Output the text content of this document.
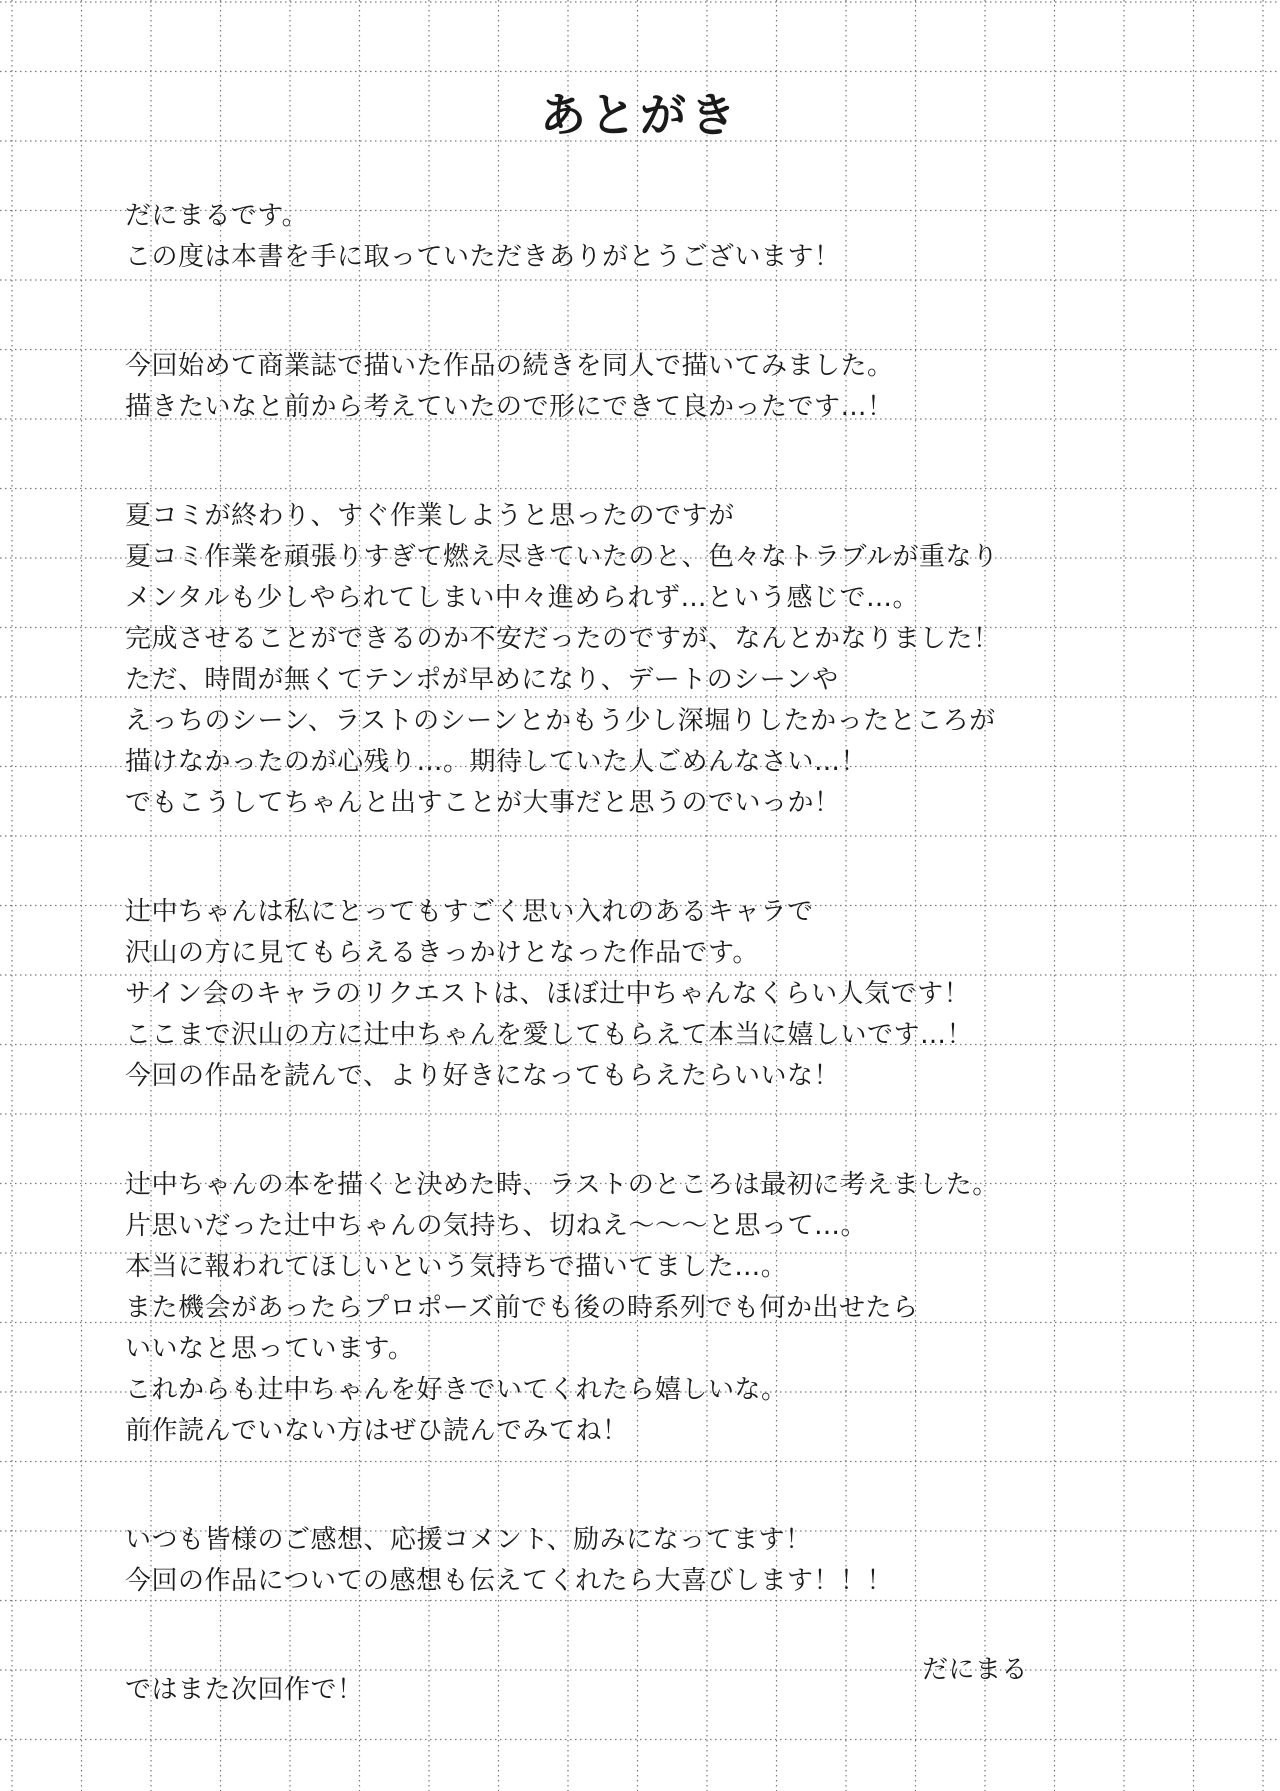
あとがき
だにまるです。
この度は本書を手に取っていただきありがとうございます！
今回始めて商業誌で描いた作品の続きを同人で描いてみました。
描きたいなと前から考えていたので形にできて良かったです…！
夏コミが終わり、すぐ作業しようと思ったのですが
夏コミ作業を頑張りすぎて燃え尽きていたのと、色々なトラブルが重なり
メンタルも少しやられてしまい中々進められず…という感じで…。
完成させることができるのか不安だったのですが、なんとかなりました！
ただ、時間が無くてテンポが早めになり、デートのシーンや
えっちのシーン、ラストのシーンとかもう少し深堀りしたかったところが
描けなかったのが心残り…。期待していた人ごめんなさい…！
でもこうしてちゃんと出すことが大事だと思うのでいっか！
辻中ちゃんは私にとってもすごく思い入れのあるキャラで
沢山の方に見てもらえるきっかけとなった作品です。
サイン会のキャラのリクエストは、ほぼ辻中ちゃんなくらい人気です！
ここまで沢山の方に辻中ちゃんを愛してもらえて本当に嬉しいです…！
今回の作品を読んで、より好きになってもらえたらいいな！
辻中ちゃんの本を描くと決めた時、ラストのところは最初に考えました。
片思いだった辻中ちゃんの気持ち、切ねえ～～～と思って…。
本当に報われてほしいという気持ちで描いてました…。
また機会があったらプロポーズ前でも後の時系列でも何か出せたら
いいなと思っています。
これからも辻中ちゃんを好きでいてくれたら嬉しいな。
前作読んでいない方はぜひ読んでみてね！
いつも皆様のご感想、応援コメント、励みになってます！
今回の作品についての感想も伝えてくれたら大喜びします！！！
ではまた次回作で！
だにまる
